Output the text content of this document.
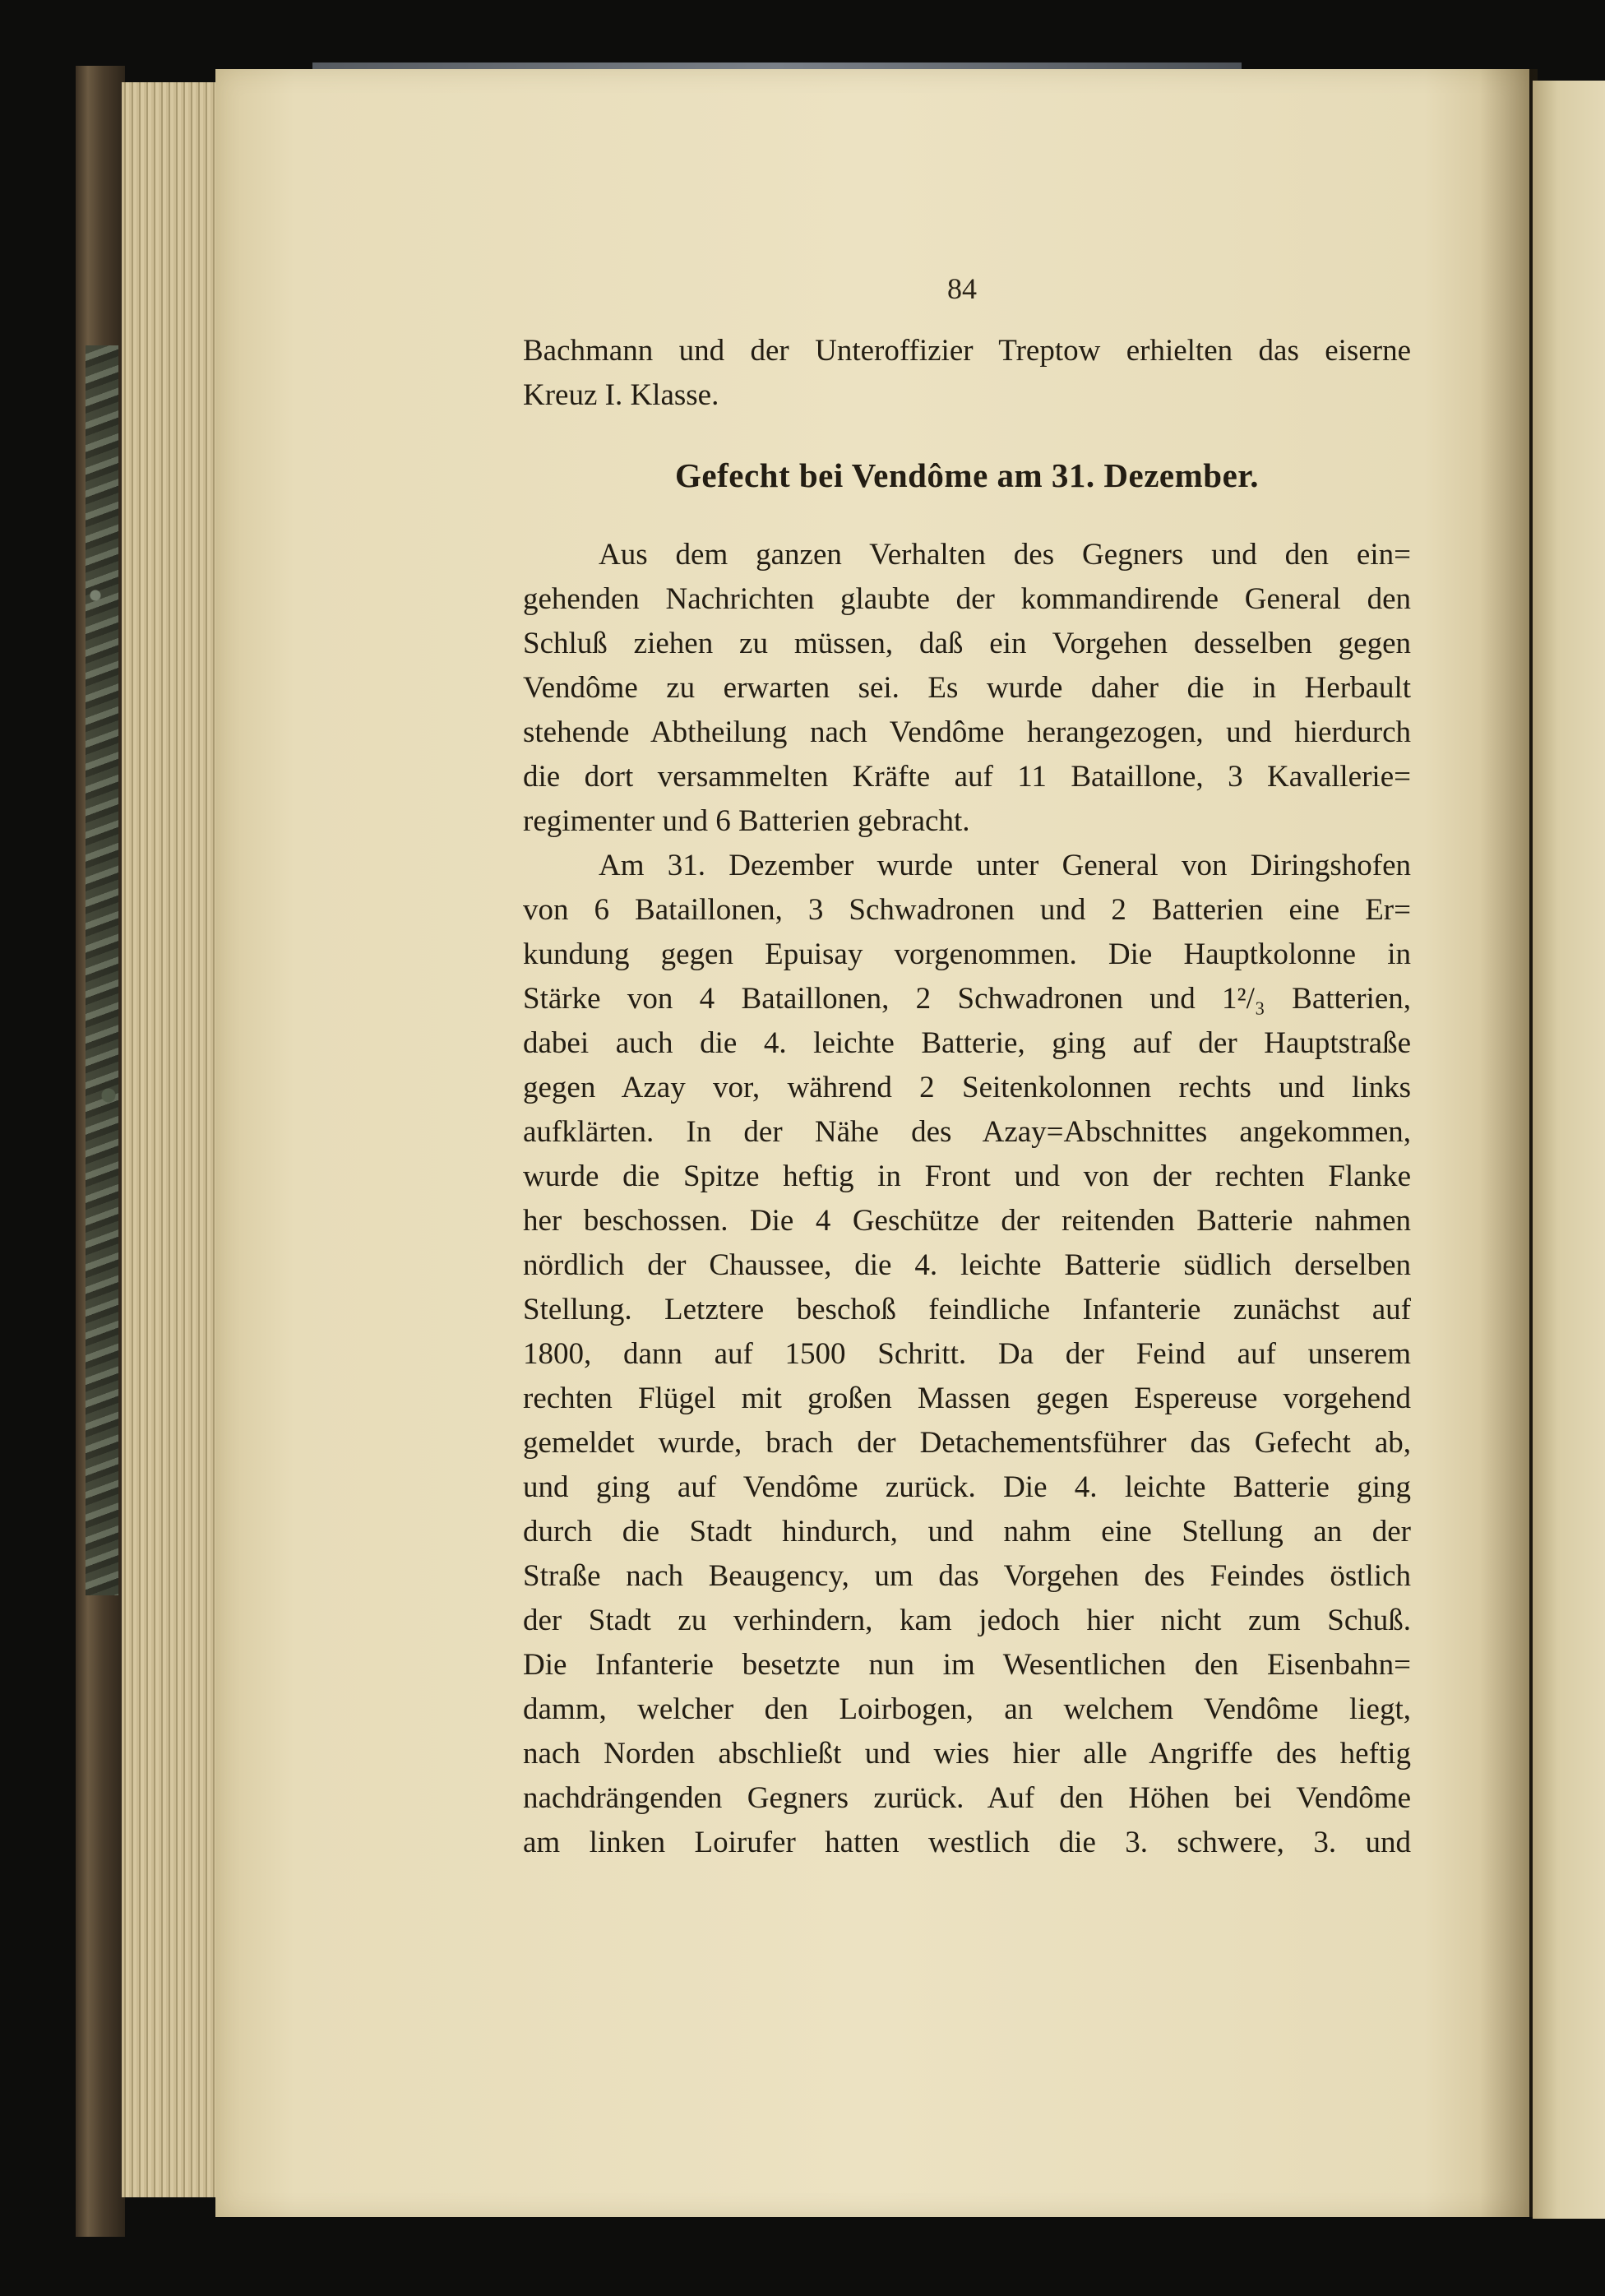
84
Bachmann und der Unteroffizier Treptow erhielten das eiserne
Kreuz I. Klasse.
Gefecht bei Vendôme am 31. Dezember.
Aus dem ganzen Verhalten des Gegners und den ein=
gehenden Nachrichten glaubte der kommandirende General den
Schluß ziehen zu müssen, daß ein Vorgehen desselben gegen
Vendôme zu erwarten sei. Es wurde daher die in Herbault
stehende Abtheilung nach Vendôme herangezogen, und hierdurch
die dort versammelten Kräfte auf 11 Bataillone, 3 Kavallerie=
regimenter und 6 Batterien gebracht.
Am 31. Dezember wurde unter General von Diringshofen
von 6 Bataillonen, 3 Schwadronen und 2 Batterien eine Er=
kundung gegen Epuisay vorgenommen. Die Hauptkolonne in
Stärke von 4 Bataillonen, 2 Schwadronen und 1²/₃ Batterien,
dabei auch die 4. leichte Batterie, ging auf der Hauptstraße
gegen Azay vor, während 2 Seitenkolonnen rechts und links
aufklärten. In der Nähe des Azay=Abschnittes angekommen,
wurde die Spitze heftig in Front und von der rechten Flanke
her beschossen. Die 4 Geschütze der reitenden Batterie nahmen
nördlich der Chaussee, die 4. leichte Batterie südlich derselben
Stellung. Letztere beschoß feindliche Infanterie zunächst auf
1800, dann auf 1500 Schritt. Da der Feind auf unserem
rechten Flügel mit großen Massen gegen Espereuse vorgehend
gemeldet wurde, brach der Detachementsführer das Gefecht ab,
und ging auf Vendôme zurück. Die 4. leichte Batterie ging
durch die Stadt hindurch, und nahm eine Stellung an der
Straße nach Beaugency, um das Vorgehen des Feindes östlich
der Stadt zu verhindern, kam jedoch hier nicht zum Schuß.
Die Infanterie besetzte nun im Wesentlichen den Eisenbahn=
damm, welcher den Loirbogen, an welchem Vendôme liegt,
nach Norden abschließt und wies hier alle Angriffe des heftig
nachdrängenden Gegners zurück. Auf den Höhen bei Vendôme
am linken Loirufer hatten westlich die 3. schwere, 3. und
